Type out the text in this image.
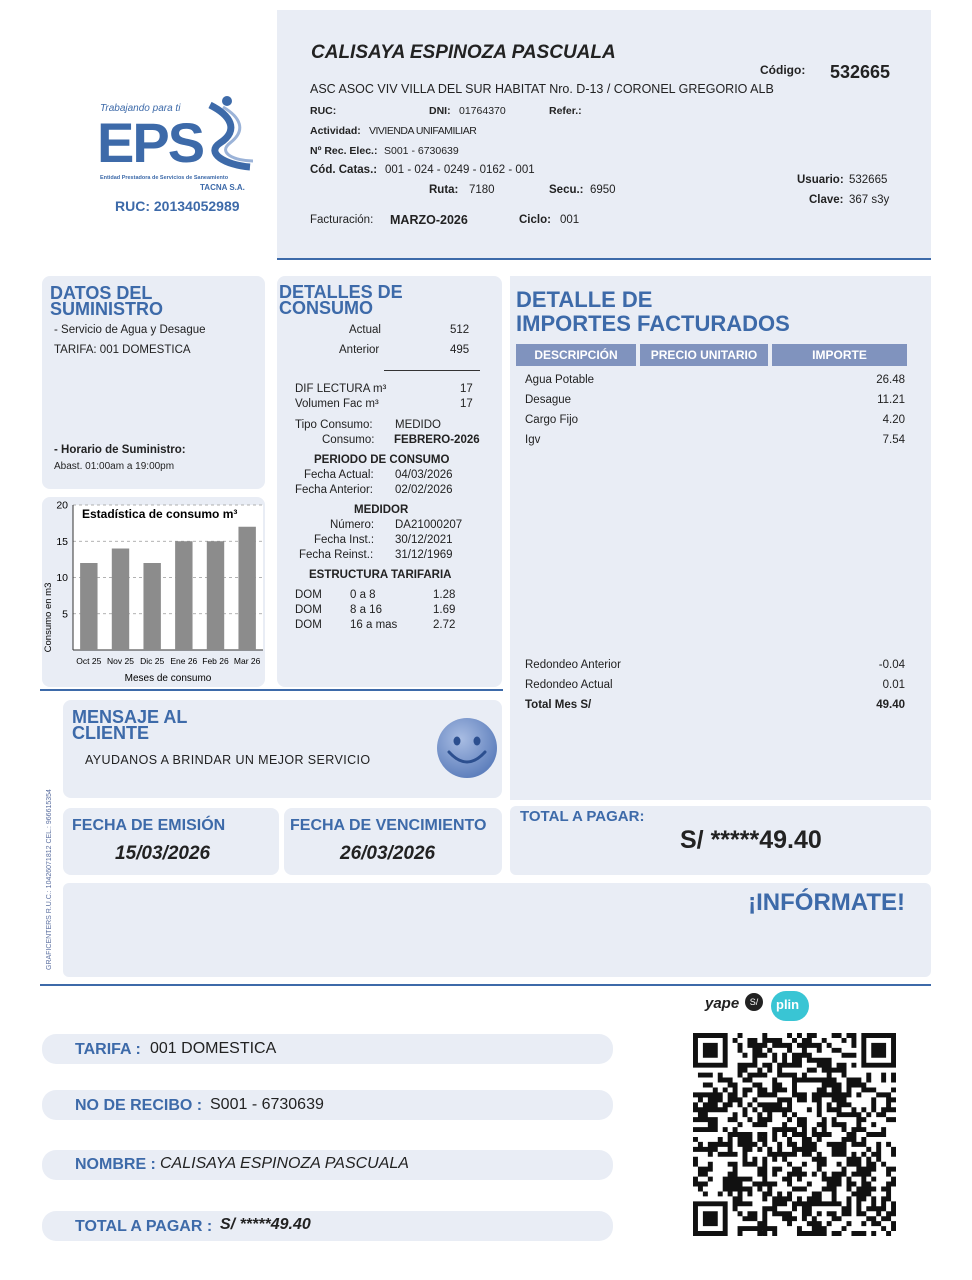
Trabajando para ti
EPS
Entidad Prestadora de Servicios de Saneamiento
TACNA S.A.
RUC: 20134052989
CALISAYA ESPINOZA PASCUALA
ASC ASOC VIV VILLA DEL SUR HABITAT Nro. D-13 / CORONEL GREGORIO ALB
Código: 532665
RUC:	DNI: 01764370	Refer.:
Actividad: VIVIENDA UNIFAMILIAR
Nº Rec. Elec.: S001 - 6730639
Cód. Catas.: 001 - 024 - 0249 - 0162 - 001
Ruta: 7180	Secu.: 6950
Usuario: 532665
Clave: 367 s3y
Facturación: MARZO-2026	Ciclo: 001
DATOS DEL
SUMINISTRO
- Servicio de Agua y Desague
TARIFA: 001 DOMESTICA
- Horario de Suministro:
Abast. 01:00am a 19:00pm
5
10
15
20
Oct 25 Nov 25 Dic 25 Ene 26 Feb 26 Mar 26
Estadística de consumo m³
Meses de consumo
Consumo en m3
DETALLES DE
CONSUMO
Actual	512
Anterior	495
DIF LECTURA m³	17
Volumen Fac m³	17
Tipo Consumo: MEDIDO
Consumo: FEBRERO-2026
PERIODO DE CONSUMO
Fecha Actual: 04/03/2026
Fecha Anterior: 02/02/2026
MEDIDOR
Número: DA21000207
Fecha Inst.: 30/12/2021
Fecha Reinst.: 31/12/1969
ESTRUCTURA TARIFARIA
DOM 0 a 8	1.28
DOM 8 a 16	1.69
DOM 16 a mas	2.72
DETALLE DE
IMPORTES FACTURADOS
DESCRIPCIÓN	PRECIO UNITARIO	IMPORTE
Agua Potable	26.48
Desague	11.21
Cargo Fijo	4.20
Igv	7.54
Redondeo Anterior	-0.04
Redondeo Actual	0.01
Total Mes S/	49.40
MENSAJE AL
CLIENTE
AYUDANOS A BRINDAR UN MEJOR SERVICIO
GRAFICENTERS R.U.C.: 10426071812 CEL.: 966615354 FECHA DE EMISIÓN
15/03/2026
FECHA DE VENCIMIENTO
26/03/2026
TOTAL A PAGAR:
S/ *****49.40
¡INFÓRMATE!
yape	S/	plin
TARIFA : 001 DOMESTICA
NO DE RECIBO : S001 - 6730639
NOMBRE : CALISAYA ESPINOZA PASCUALA
TOTAL A PAGAR : S/ *****49.40
